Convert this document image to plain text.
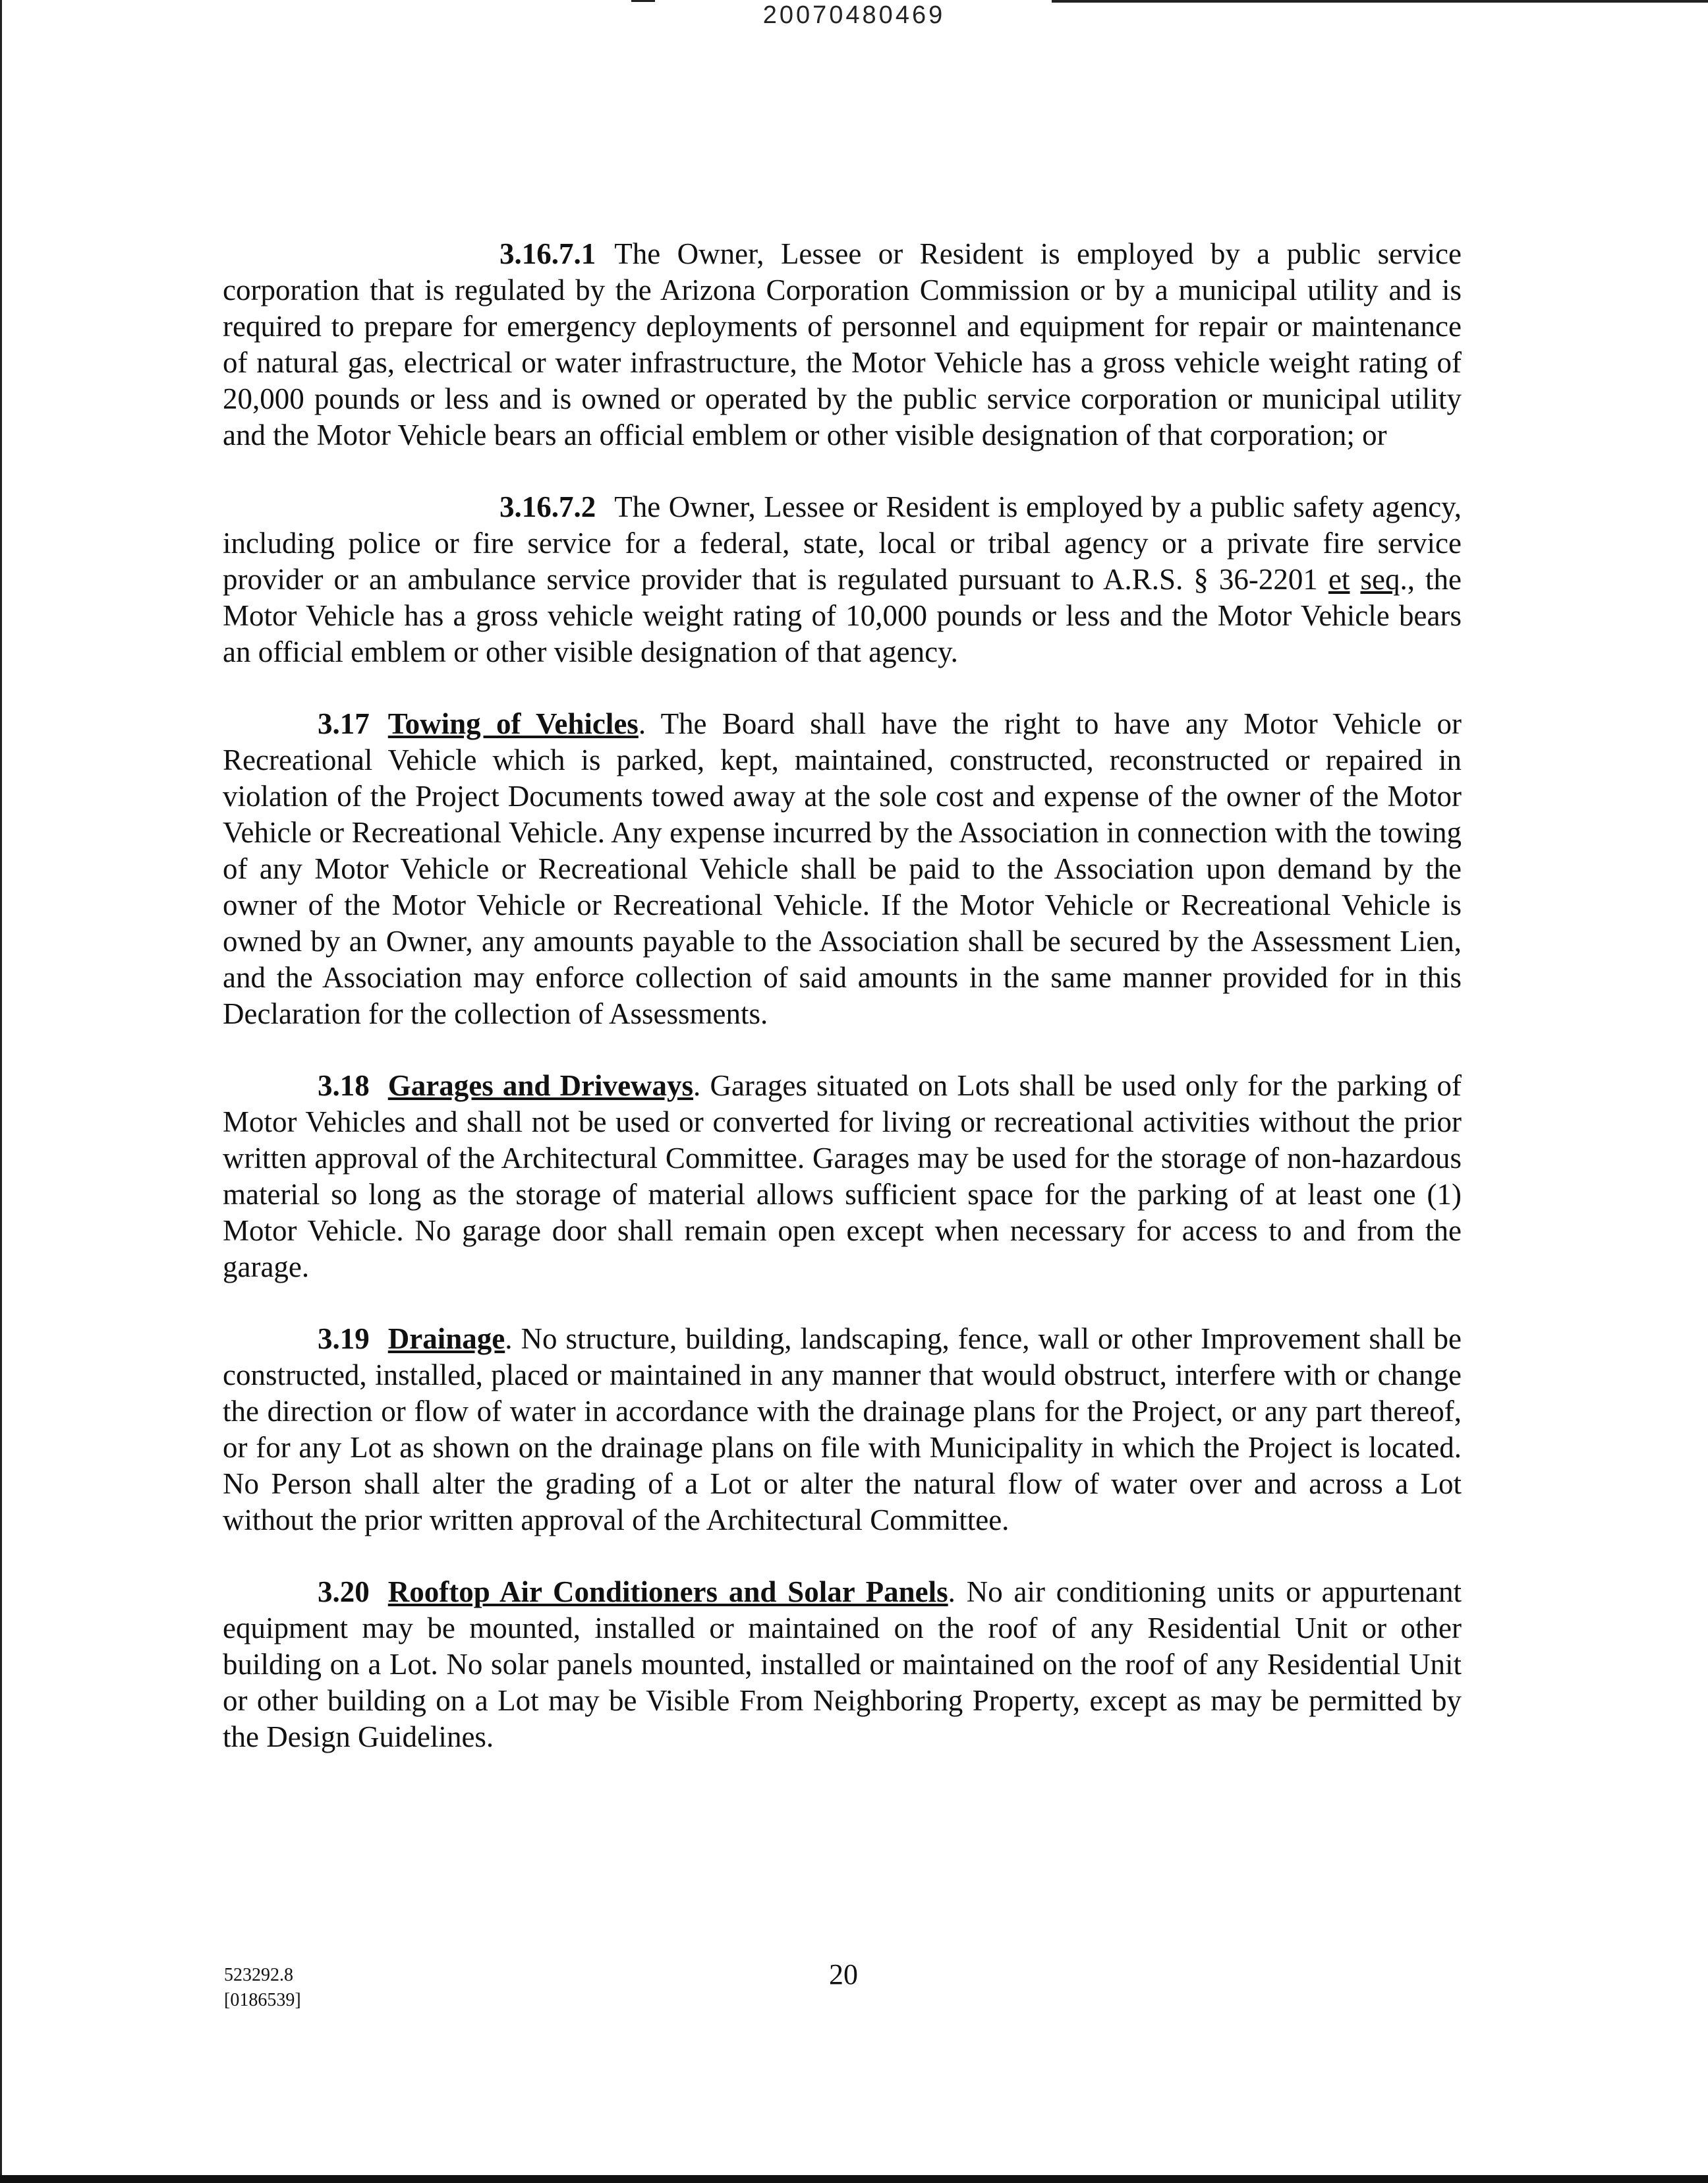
20070480469

3.16.7.1 The Owner, Lessee or Resident is employed by a public service corporation that is regulated by the Arizona Corporation Commission or by a municipal utility and is required to prepare for emergency deployments of personnel and equipment for repair or maintenance of natural gas, electrical or water infrastructure, the Motor Vehicle has a gross vehicle weight rating of 20,000 pounds or less and is owned or operated by the public service corporation or municipal utility and the Motor Vehicle bears an official emblem or other visible designation of that corporation; or

3.16.7.2 The Owner, Lessee or Resident is employed by a public safety agency, including police or fire service for a federal, state, local or tribal agency or a private fire service provider or an ambulance service provider that is regulated pursuant to A.R.S. § 36-2201 et seq., the Motor Vehicle has a gross vehicle weight rating of 10,000 pounds or less and the Motor Vehicle bears an official emblem or other visible designation of that agency.

3.17 Towing of Vehicles. The Board shall have the right to have any Motor Vehicle or Recreational Vehicle which is parked, kept, maintained, constructed, reconstructed or repaired in violation of the Project Documents towed away at the sole cost and expense of the owner of the Motor Vehicle or Recreational Vehicle. Any expense incurred by the Association in connection with the towing of any Motor Vehicle or Recreational Vehicle shall be paid to the Association upon demand by the owner of the Motor Vehicle or Recreational Vehicle. If the Motor Vehicle or Recreational Vehicle is owned by an Owner, any amounts payable to the Association shall be secured by the Assessment Lien, and the Association may enforce collection of said amounts in the same manner provided for in this Declaration for the collection of Assessments.

3.18 Garages and Driveways. Garages situated on Lots shall be used only for the parking of Motor Vehicles and shall not be used or converted for living or recreational activities without the prior written approval of the Architectural Committee. Garages may be used for the storage of non-hazardous material so long as the storage of material allows sufficient space for the parking of at least one (1) Motor Vehicle. No garage door shall remain open except when necessary for access to and from the garage.

3.19 Drainage. No structure, building, landscaping, fence, wall or other Improvement shall be constructed, installed, placed or maintained in any manner that would obstruct, interfere with or change the direction or flow of water in accordance with the drainage plans for the Project, or any part thereof, or for any Lot as shown on the drainage plans on file with Municipality in which the Project is located. No Person shall alter the grading of a Lot or alter the natural flow of water over and across a Lot without the prior written approval of the Architectural Committee.

3.20 Rooftop Air Conditioners and Solar Panels. No air conditioning units or appurtenant equipment may be mounted, installed or maintained on the roof of any Residential Unit or other building on a Lot. No solar panels mounted, installed or maintained on the roof of any Residential Unit or other building on a Lot may be Visible From Neighboring Property, except as may be permitted by the Design Guidelines.

523292.8
[0186539]
20
